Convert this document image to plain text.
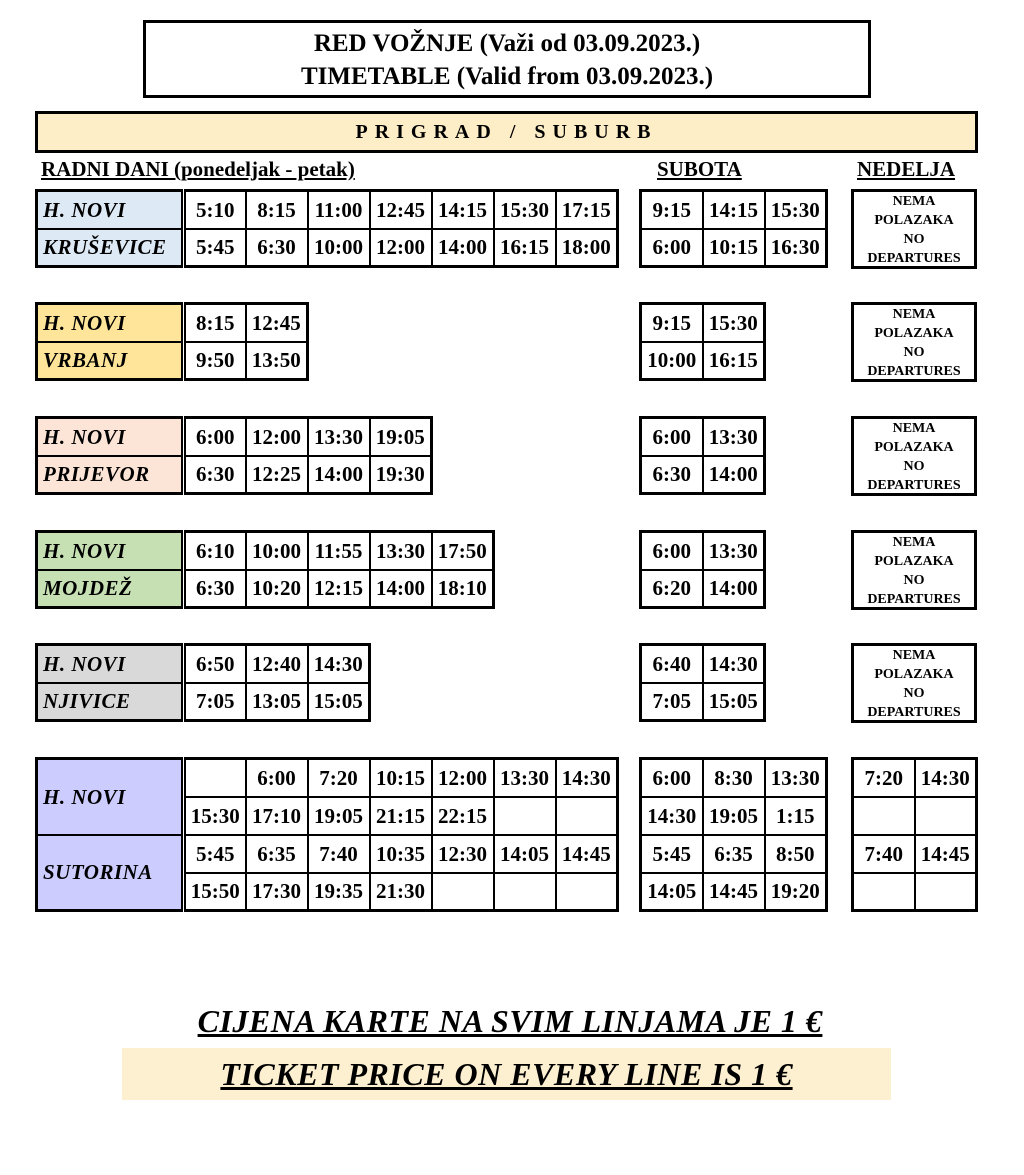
RED VOŽNJE (Važi od 03.09.2023.)
TIMETABLE (Valid from 03.09.2023.)
PRIGRAD / SUBURB
RADNI DANI (ponedeljak - petak)	SUBOTA	NEDELJA
H. NOVI	5:10	8:15	11:00	12:45	14:15	15:30	17:15
KRUŠEVICE	5:45	6:30	10:00	12:00	14:00	16:15	18:00
9:15	14:15	15:30
6:00	10:15	16:30
NEMA
POLAZAKA
NO
DEPARTURES
H. NOVI	8:15	12:45
VRBANJ	9:50	13:50
9:15	15:30
10:00	16:15
NEMA
POLAZAKA
NO
DEPARTURES
H. NOVI	6:00	12:00	13:30	19:05
PRIJEVOR	6:30	12:25	14:00	19:30
6:00	13:30
6:30	14:00
NEMA
POLAZAKA
NO
DEPARTURES
H. NOVI	6:10	10:00	11:55	13:30	17:50
MOJDEŽ	6:30	10:20	12:15	14:00	18:10
6:00	13:30
6:20	14:00
NEMA
POLAZAKA
NO
DEPARTURES
H. NOVI	6:50	12:40	14:30
NJIVICE	7:05	13:05	15:05
6:40	14:30
7:05	15:05
NEMA
POLAZAKA
NO
DEPARTURES
H. NOVI		6:00	7:20	10:15	12:00	13:30	14:30
	15:30	17:10	19:05	21:15	22:15		
SUTORINA	5:45	6:35	7:40	10:35	12:30	14:05	14:45
	15:50	17:30	19:35	21:30			
6:00	8:30	13:30
14:30	19:05	1:15
5:45	6:35	8:50
14:05	14:45	19:20
7:20	14:30

7:40	14:45

CIJENA KARTE NA SVIM LINJAMA JE 1 €
TICKET PRICE ON EVERY LINE IS 1 €
